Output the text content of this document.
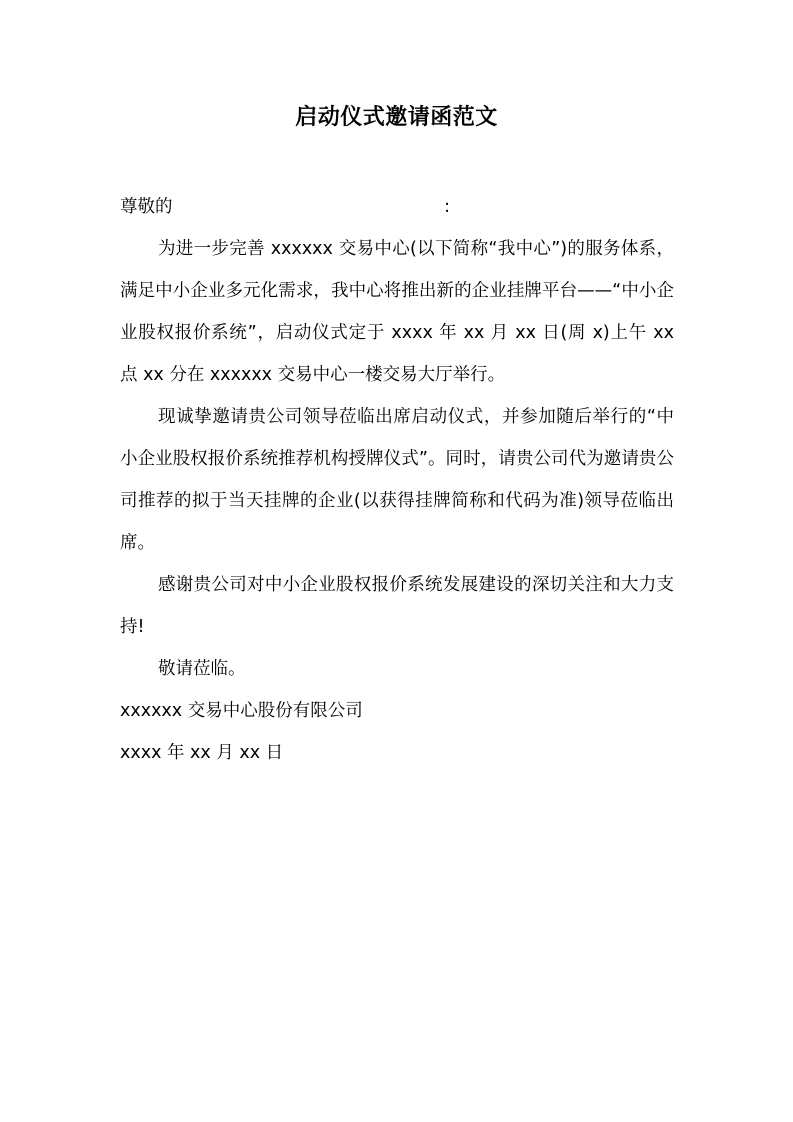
启动仪式邀请函范文

尊敬的	:

为进一步完善 xxxxxx 交易中心(以下简称“我中心”)的服务体系，满足中小企业多元化需求，我中心将推出新的企业挂牌平台——“中小企业股权报价系统”，启动仪式定于 xxxx 年 xx 月 xx 日(周 x)上午 xx 点 xx 分在 xxxxxx 交易中心一楼交易大厅举行。

现诚挚邀请贵公司领导莅临出席启动仪式，并参加随后举行的“中小企业股权报价系统推荐机构授牌仪式”。同时，请贵公司代为邀请贵公司推荐的拟于当天挂牌的企业(以获得挂牌简称和代码为准)领导莅临出席。

感谢贵公司对中小企业股权报价系统发展建设的深切关注和大力支持!

敬请莅临。

xxxxxx 交易中心股份有限公司

xxxx 年 xx 月 xx 日
